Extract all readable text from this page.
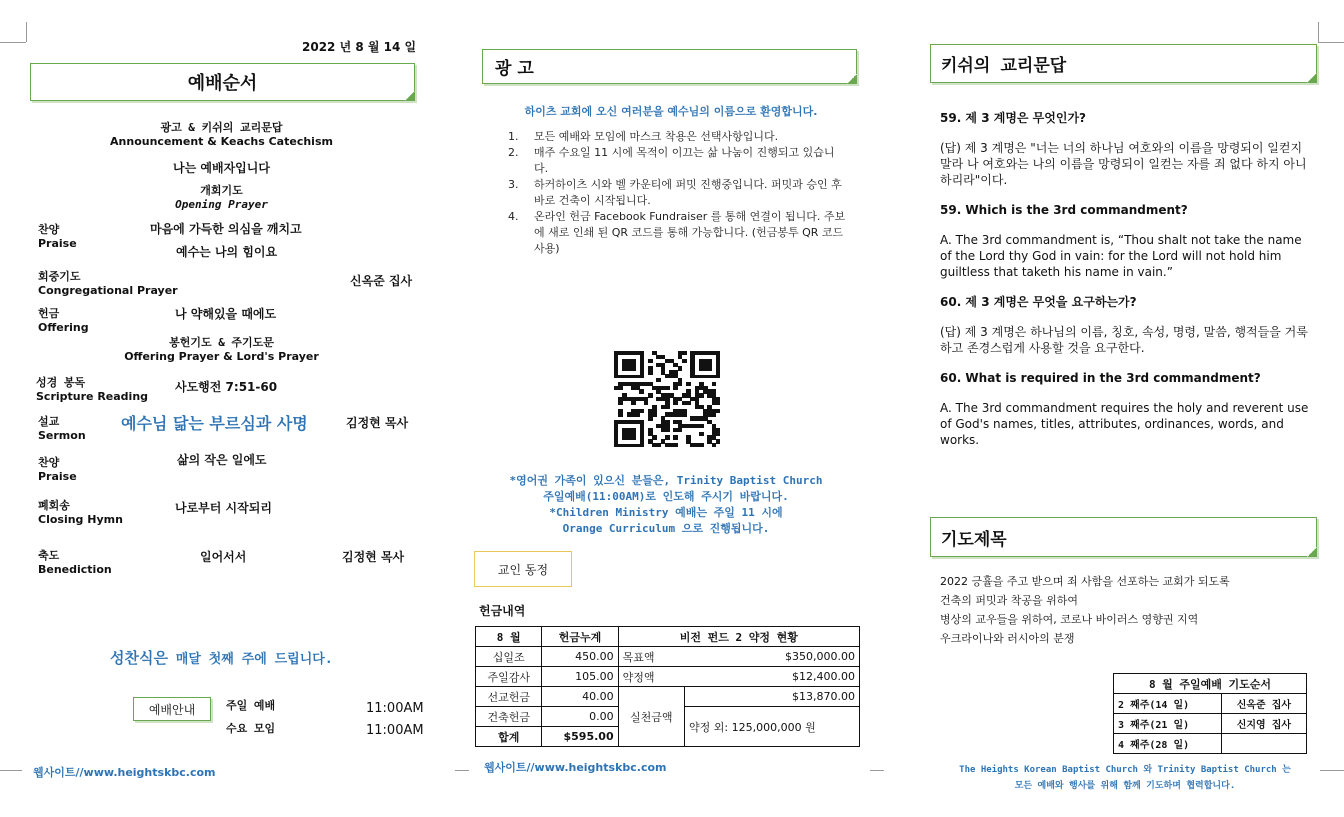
2022 년 8 월 14 일
예배순서
광고 & 키쉬의 교리문답
Announcement & Keachs Catechism
나는 예배자입니다
개회기도
Opening Prayer
찬양
Praise
마음에 가득한 의심을 깨치고
예수는 나의 힘이요
회중기도
Congregational Prayer
신옥준 집사
헌금
Offering
나 약해있을 때에도
봉헌기도 & 주기도문
Offering Prayer & Lord's Prayer
성경 봉독
Scripture Reading
사도행전 7:51-60
설교
Sermon
예수님 닮는 부르심과 사명	김정현 목사
찬양
Praise
삶의 작은 일에도
폐회송
Closing Hymn
나로부터 시작되리
축도
Benediction
일어서서	김정현 목사
성찬식은 매달 첫째 주에 드립니다.
예배안내	주일 예배	11:00AM
수요 모임	11:00AM
웹사이트//www.heightskbc.com
광 고
하이츠 교회에 오신 여러분을 예수님의 이름으로 환영합니다.
1.	모든 예배와 모임에 마스크 착용은 선택사항입니다.
2.	매주 수요일 11 시에 목적이 이끄는 삶 나눔이 진행되고 있습니다.
3.	하커하이츠 시와 벨 카운티에 퍼밋 진행중입니다. 퍼밋과 승인 후 바로 건축이 시작됩니다.
4.	온라인 헌금 Facebook Fundraiser 를 통해 연결이 됩니다. 주보에 새로 인쇄 된 QR 코드를 통해 가능합니다. (헌금봉투 QR 코드 사용)
*영어권 가족이 있으신 분들은, Trinity Baptist Church
주일예배(11:00AM)로 인도해 주시기 바랍니다.
*Children Ministry 예배는 주일 11 시에
Orange Curriculum 으로 진행됩니다.
교인 동정
헌금내역
8 월	헌금누계	비전 펀드 2 약정 현황	
십일조	450.00	목표액	$350,000.00
주일감사	105.00	약정액	$12,400.00
선교헌금	40.00	실천금액	$13,870.00
건축헌금	0.00		약정 외: 125,000,000 원
합계	$595.00		
웹사이트//www.heightskbc.com
키쉬의 교리문답
59. 제 3 계명은 무엇인가?
(답) 제 3 계명은 "너는 너의 하나님 여호와의 이름을 망령되이 일컫지 말라 나 여호와는 나의 이름을 망령되이 일컫는 자를 죄 없다 하지 아니하리라"이다.
59. Which is the 3rd commandment?
A. The 3rd commandment is, “Thou shalt not take the name of the Lord thy God in vain: for the Lord will not hold him guiltless that taketh his name in vain.”
60. 제 3 계명은 무엇을 요구하는가?
(답) 제 3 계명은 하나님의 이름, 칭호, 속성, 명령, 말씀, 행적들을 거룩하고 존경스럽게 사용할 것을 요구한다.
60. What is required in the 3rd commandment?
A. The 3rd commandment requires the holy and reverent use of God's names, titles, attributes, ordinances, words, and works.
기도제목
2022 긍휼을 주고 받으며 죄 사함을 선포하는 교회가 되도록
건축의 퍼밋과 착공을 위하여
병상의 교우들을 위하여, 코로나 바이러스 영향권 지역
우크라이나와 러시아의 분쟁
8 월 주일예배 기도순서	
2 째주(14 일)	신옥준 집사
3 째주(21 일)	신지영 집사
4 째주(28 일)	
The Heights Korean Baptist Church 와 Trinity Baptist Church 는
모든 예배와 행사를 위해 함께 기도하며 협력합니다.
